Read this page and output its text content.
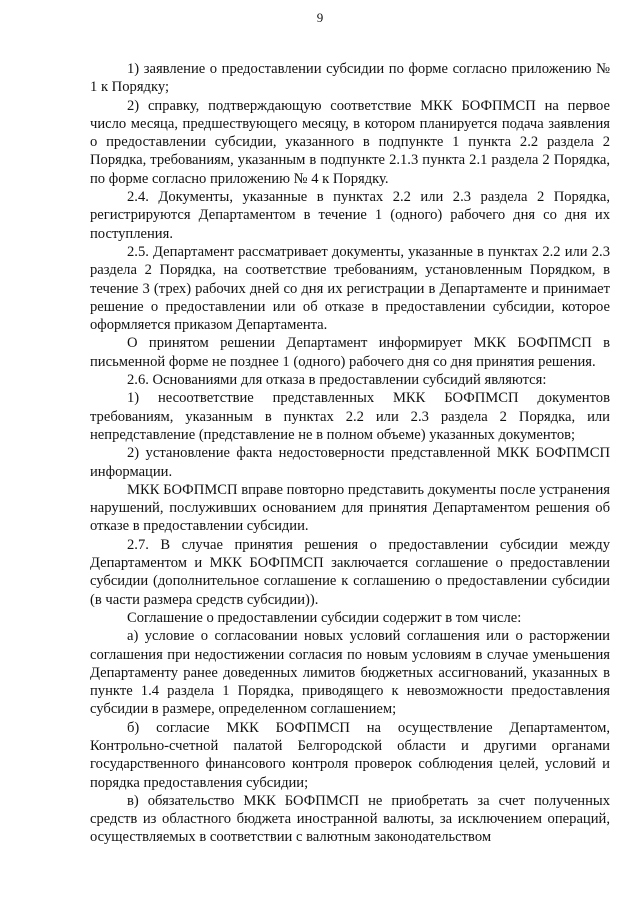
9

1) заявление о предоставлении субсидии по форме согласно приложению № 1 к Порядку;

2) справку, подтверждающую соответствие МКК БОФПМСП на первое число месяца, предшествующего месяцу, в котором планируется подача заявления о предоставлении субсидии, указанного в подпункте 1 пункта 2.2 раздела 2 Порядка, требованиям, указанным в подпункте 2.1.3 пункта 2.1 раздела 2 Порядка, по форме согласно приложению № 4 к Порядку.

2.4. Документы, указанные в пунктах 2.2 или 2.3 раздела 2 Порядка, регистрируются Департаментом в течение 1 (одного) рабочего дня со дня их поступления.

2.5. Департамент рассматривает документы, указанные в пунктах 2.2 или 2.3 раздела 2 Порядка, на соответствие требованиям, установленным Порядком, в течение 3 (трех) рабочих дней со дня их регистрации в Департаменте и принимает решение о предоставлении или об отказе в предоставлении субсидии, которое оформляется приказом Департамента.

О принятом решении Департамент информирует МКК БОФПМСП в письменной форме не позднее 1 (одного) рабочего дня со дня принятия решения.

2.6. Основаниями для отказа в предоставлении субсидий являются:

1) несоответствие представленных МКК БОФПМСП документов требованиям, указанным в пунктах 2.2 или 2.3 раздела 2 Порядка, или непредставление (представление не в полном объеме) указанных документов;

2) установление факта недостоверности представленной МКК БОФПМСП информации.

МКК БОФПМСП вправе повторно представить документы после устранения нарушений, послуживших основанием для принятия Департаментом решения об отказе в предоставлении субсидии.

2.7. В случае принятия решения о предоставлении субсидии между Департаментом и МКК БОФПМСП заключается соглашение о предоставлении субсидии (дополнительное соглашение к соглашению о предоставлении субсидии (в части размера средств субсидии)).

Соглашение о предоставлении субсидии содержит в том числе:

а) условие о согласовании новых условий соглашения или о расторжении соглашения при недостижении согласия по новым условиям в случае уменьшения Департаменту ранее доведенных лимитов бюджетных ассигнований, указанных в пункте 1.4 раздела 1 Порядка, приводящего к невозможности предоставления субсидии в размере, определенном соглашением;

б) согласие МКК БОФПМСП на осуществление Департаментом, Контрольно-счетной палатой Белгородской области и другими органами государственного финансового контроля проверок соблюдения целей, условий и порядка предоставления субсидии;

в) обязательство МКК БОФПМСП не приобретать за счет полученных средств из областного бюджета иностранной валюты, за исключением операций, осуществляемых в соответствии с валютным законодательством
